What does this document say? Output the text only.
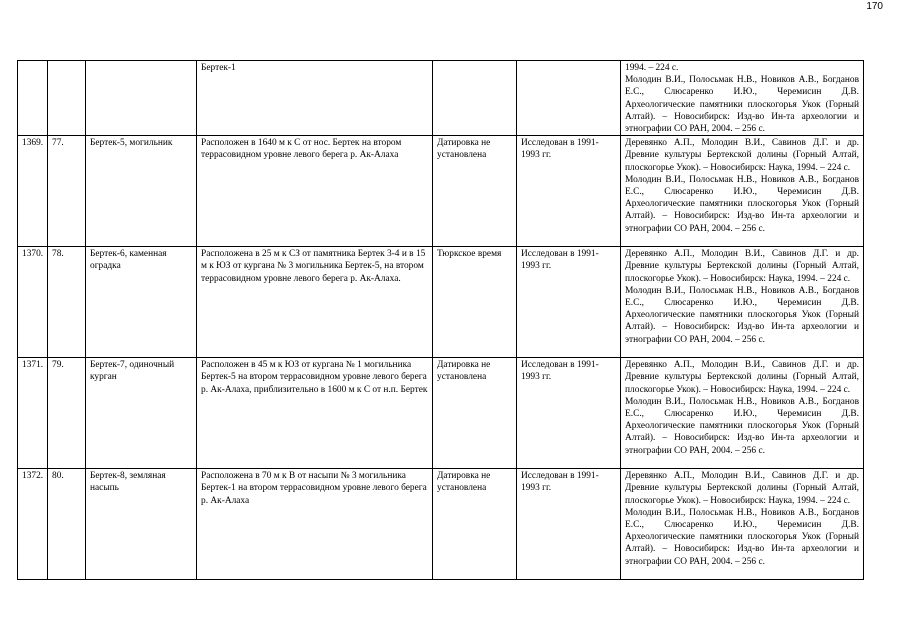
170
			Бертек-1			1994. – 224 с.
Молодин В.И., Полосьмак Н.В., Новиков А.В., Богданов Е.С., Слюсаренко И.Ю., Черемисин Д.В. Археологические памятники плоскогорья Укок (Горный Алтай). – Новосибирск: Изд-во Ин-та археологии и этнографии СО РАН, 2004. – 256 с.

1369.	77.	Бертек-5, могильник	Расположен в 1640 м к С от нос. Бертек на втором террасовидном уровне левого берега р. Ак-Алаха	Датировка не установлена	Исследован в 1991-1993 гг.	Деревянко А.П., Молодин В.И., Савинов Д.Г. и др. Древние культуры Бертекской долины (Горный Алтай, плоскогорье Укок). – Новосибирск: Наука, 1994. – 224 с.
Молодин В.И., Полосьмак Н.В., Новиков А.В., Богданов Е.С., Слюсаренко И.Ю., Черемисин Д.В. Археологические памятники плоскогорья Укок (Горный Алтай). – Новосибирск: Изд-во Ин-та археологии и этнографии СО РАН, 2004. – 256 с.

1370.	78.	Бертек-6, каменная оградка	Расположена в 25 м к СЗ от памятника Бертек 3-4 и в 15 м к ЮЗ от кургана № 3 могильника Бертек-5, на втором террасовидном уровне левого берега р. Ак-Алаха.	Тюркское время	Исследован в 1991-1993 гг.	Деревянко А.П., Молодин В.И., Савинов Д.Г. и др. Древние культуры Бертекской долины (Горный Алтай, плоскогорье Укок). – Новосибирск: Наука, 1994. – 224 с.
Молодин В.И., Полосьмак Н.В., Новиков А.В., Богданов Е.С., Слюсаренко И.Ю., Черемисин Д.В. Археологические памятники плоскогорья Укок (Горный Алтай). – Новосибирск: Изд-во Ин-та археологии и этнографии СО РАН, 2004. – 256 с.

1371.	79.	Бертек-7, одиночный курган	Расположен в 45 м к ЮЗ от кургана № 1 могильника Бертек-5 на втором террасовидном уровне левого берега р. Ак-Алаха, приблизительно в 1600 м к С от н.п. Бертек	Датировка не установлена	Исследован в 1991-1993 гг.	Деревянко А.П., Молодин В.И., Савинов Д.Г. и др. Древние культуры Бертекской долины (Горный Алтай, плоскогорье Укок). – Новосибирск: Наука, 1994. – 224 с.
Молодин В.И., Полосьмак Н.В., Новиков А.В., Богданов Е.С., Слюсаренко И.Ю., Черемисин Д.В. Археологические памятники плоскогорья Укок (Горный Алтай). – Новосибирск: Изд-во Ин-та археологии и этнографии СО РАН, 2004. – 256 с.

1372.	80.	Бертек-8, земляная насыпь	Расположена в 70 м к В от насыпи № 3 могильника Бертек-1 на втором террасовидном уровне левого берега р. Ак-Алаха	Датировка не установлена	Исследован в 1991-1993 гг.	Деревянко А.П., Молодин В.И., Савинов Д.Г. и др. Древние культуры Бертекской долины (Горный Алтай, плоскогорье Укок). – Новосибирск: Наука, 1994. – 224 с.
Молодин В.И., Полосьмак Н.В., Новиков А.В., Богданов Е.С., Слюсаренко И.Ю., Черемисин Д.В. Археологические памятники плоскогорья Укок (Горный Алтай). – Новосибирск: Изд-во Ин-та археологии и этнографии СО РАН, 2004. – 256 с.
